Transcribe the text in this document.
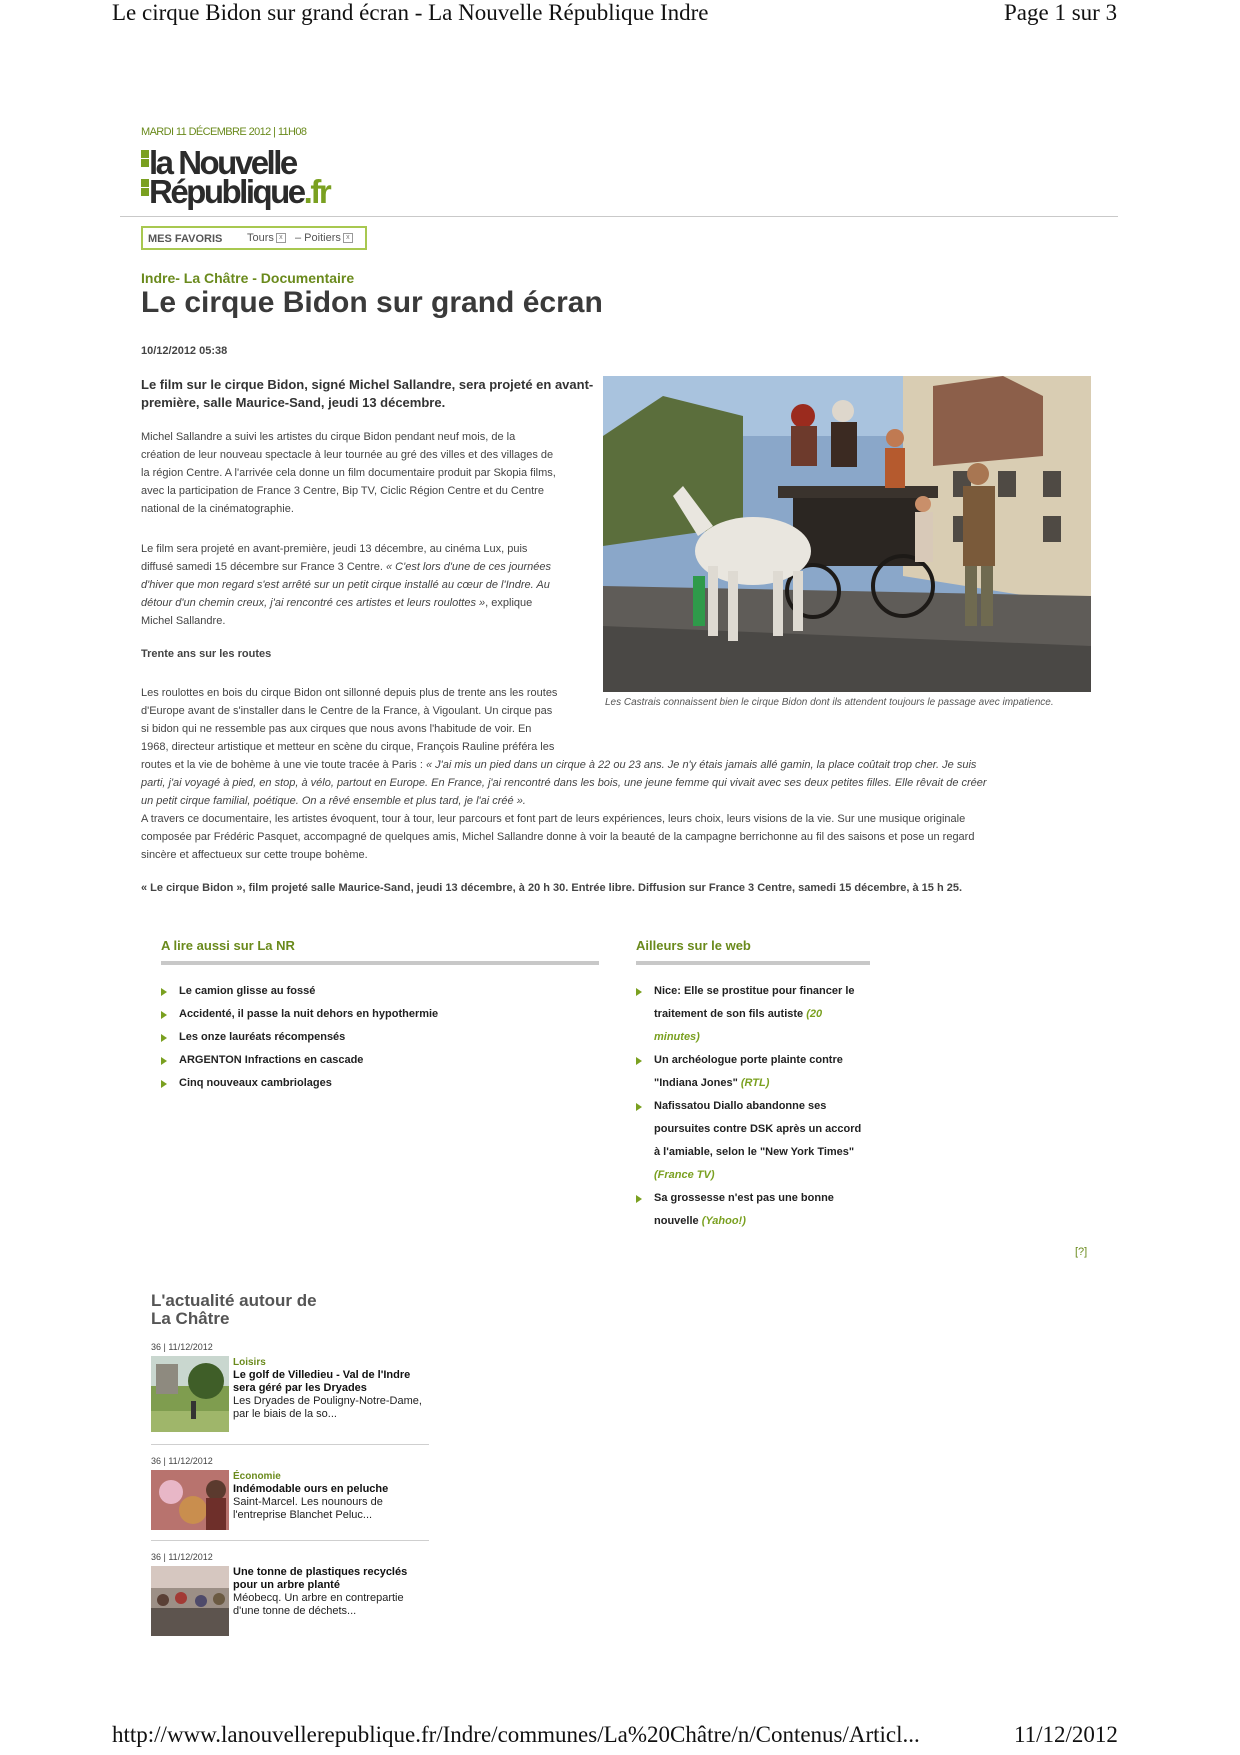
Le cirque Bidon sur grand écran - La Nouvelle République Indre	Page 1 sur 3
MARDI 11 DÉCEMBRE 2012 | 11H08
la Nouvelle
République.fr
MES FAVORIS Tours x – Poitiers x
Indre- La Châtre - Documentaire
Le cirque Bidon sur grand écran
10/12/2012 05:38
Le film sur le cirque Bidon, signé Michel Sallandre, sera projeté en avant-première, salle Maurice-Sand, jeudi 13 décembre.
Les Castrais connaissent bien le cirque Bidon dont ils attendent toujours le passage avec impatience.
Michel Sallandre a suivi les artistes du cirque Bidon pendant neuf mois, de la
création de leur nouveau spectacle à leur tournée au gré des villes et des villages de
la région Centre. A l'arrivée cela donne un film documentaire produit par Skopia films,
avec la participation de France 3 Centre, Bip TV, Ciclic Région Centre et du Centre
national de la cinématographie.
Le film sera projeté en avant-première, jeudi 13 décembre, au cinéma Lux, puis
diffusé samedi 15 décembre sur France 3 Centre. « C'est lors d'une de ces journées
d'hiver que mon regard s'est arrêté sur un petit cirque installé au cœur de l'Indre. Au
détour d'un chemin creux, j'ai rencontré ces artistes et leurs roulottes », explique
Michel Sallandre.
Trente ans sur les routes
Les roulottes en bois du cirque Bidon ont sillonné depuis plus de trente ans les routes
d'Europe avant de s'installer dans le Centre de la France, à Vigoulant. Un cirque pas
si bidon qui ne ressemble pas aux cirques que nous avons l'habitude de voir. En
1968, directeur artistique et metteur en scène du cirque, François Rauline préféra les
routes et la vie de bohème à une vie toute tracée à Paris : « J'ai mis un pied dans un cirque à 22 ou 23 ans. Je n'y étais jamais allé gamin, la place coûtait trop cher. Je suis
parti, j'ai voyagé à pied, en stop, à vélo, partout en Europe. En France, j'ai rencontré dans les bois, une jeune femme qui vivait avec ses deux petites filles. Elle rêvait de créer
un petit cirque familial, poétique. On a rêvé ensemble et plus tard, je l'ai créé ».
A travers ce documentaire, les artistes évoquent, tour à tour, leur parcours et font part de leurs expériences, leurs choix, leurs visions de la vie. Sur une musique originale
composée par Frédéric Pasquet, accompagné de quelques amis, Michel Sallandre donne à voir la beauté de la campagne berrichonne au fil des saisons et pose un regard
sincère et affectueux sur cette troupe bohème.
« Le cirque Bidon », film projeté salle Maurice-Sand, jeudi 13 décembre, à 20 h 30. Entrée libre. Diffusion sur France 3 Centre, samedi 15 décembre, à 15 h 25.
A lire aussi sur La NR
Le camion glisse au fossé
Accidenté, il passe la nuit dehors en hypothermie
Les onze lauréats récompensés
ARGENTON Infractions en cascade
Cinq nouveaux cambriolages
Ailleurs sur le web
Nice: Elle se prostitue pour financer le traitement de son fils autiste (20 minutes)
Un archéologue porte plainte contre "Indiana Jones" (RTL)
Nafissatou Diallo abandonne ses poursuites contre DSK après un accord à l'amiable, selon le "New York Times" (France TV)
Sa grossesse n'est pas une bonne nouvelle (Yahoo!)
[?]
L'actualité autour de
La Châtre
36 | 11/12/2012
Loisirs
Le golf de Villedieu - Val de l'Indre sera géré par les Dryades
Les Dryades de Pouligny-Notre-Dame, par le biais de la so...
36 | 11/12/2012
Économie
Indémodable ours en peluche
Saint-Marcel. Les nounours de l'entreprise Blanchet Peluc...
36 | 11/12/2012
Une tonne de plastiques recyclés pour un arbre planté
Méobecq. Un arbre en contrepartie d'une tonne de déchets...
http://www.lanouvellerepublique.fr/Indre/communes/La%20Châtre/n/Contenus/Articl...	11/12/2012
